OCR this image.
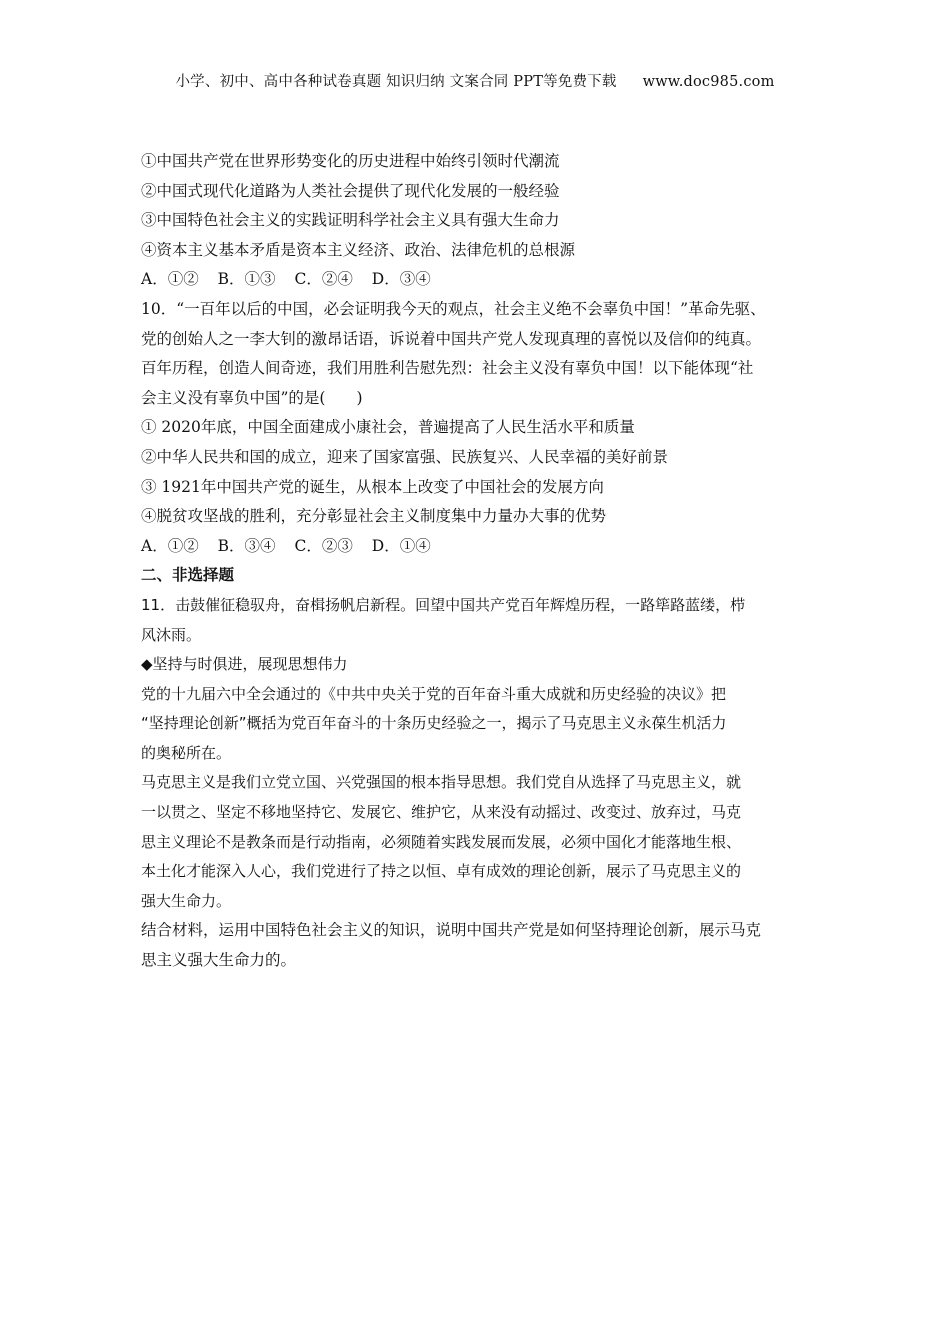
小学、初中、高中各种试卷真题 知识归纳 文案合同 PPT等免费下载 www.doc985.com
①中国共产党在世界形势变化的历史进程中始终引领时代潮流
②中国式现代化道路为人类社会提供了现代化发展的一般经验
③中国特色社会主义的实践证明科学社会主义具有强大生命力
④资本主义基本矛盾是资本主义经济、政治、法律危机的总根源
A．①② B．①③ C．②④ D．③④
10．“一百年以后的中国，必会证明我今天的观点，社会主义绝不会辜负中国！”革命先驱、
党的创始人之一李大钊的激昂话语，诉说着中国共产党人发现真理的喜悦以及信仰的纯真。
百年历程，创造人间奇迹，我们用胜利告慰先烈：社会主义没有辜负中国！以下能体现“社
会主义没有辜负中国”的是(　　)
① 2020年底，中国全面建成小康社会，普遍提高了人民生活水平和质量
②中华人民共和国的成立，迎来了国家富强、民族复兴、人民幸福的美好前景
③ 1921年中国共产党的诞生，从根本上改变了中国社会的发展方向
④脱贫攻坚战的胜利，充分彰显社会主义制度集中力量办大事的优势
A．①② B．③④ C．②③ D．①④
二、非选择题
11．击鼓催征稳驭舟，奋楫扬帆启新程。回望中国共产党百年辉煌历程，一路筚路蓝缕，栉
风沐雨。
◆坚持与时俱进，展现思想伟力
党的十九届六中全会通过的《中共中央关于党的百年奋斗重大成就和历史经验的决议》把
“坚持理论创新”概括为党百年奋斗的十条历史经验之一，揭示了马克思主义永葆生机活力
的奥秘所在。
马克思主义是我们立党立国、兴党强国的根本指导思想。我们党自从选择了马克思主义，就
一以贯之、坚定不移地坚持它、发展它、维护它，从来没有动摇过、改变过、放弃过，马克
思主义理论不是教条而是行动指南，必须随着实践发展而发展，必须中国化才能落地生根、
本土化才能深入人心，我们党进行了持之以恒、卓有成效的理论创新，展示了马克思主义的
强大生命力。
结合材料，运用中国特色社会主义的知识，说明中国共产党是如何坚持理论创新，展示马克
思主义强大生命力的。
